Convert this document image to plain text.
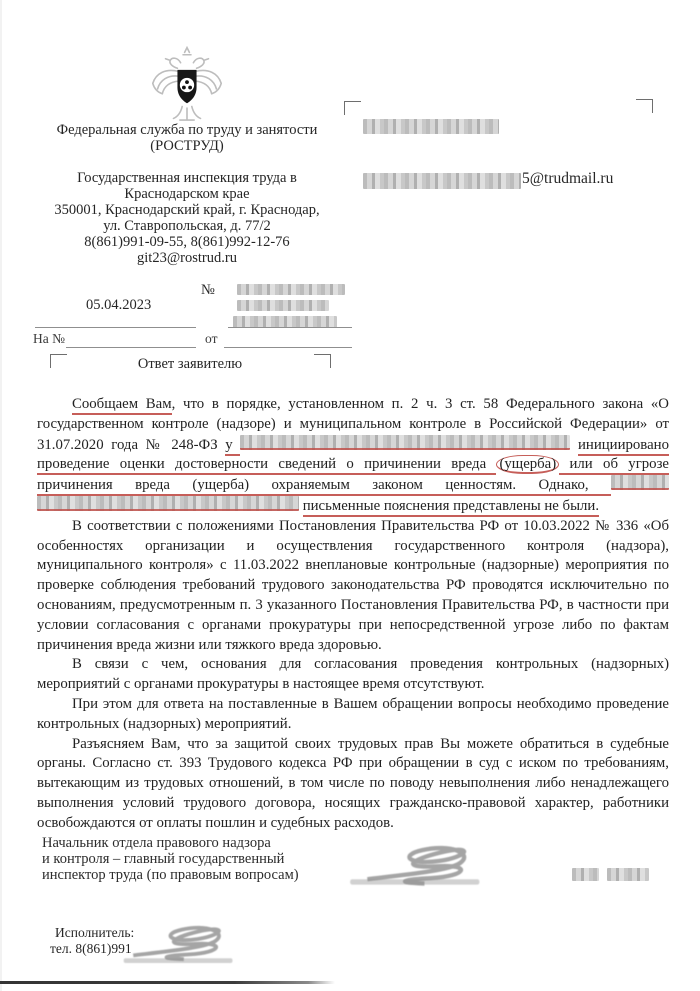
Федеральная служба по труду и занятости
(РОСТРУД)
Государственная инспекция труда в
Краснодарском крае
350001, Краснодарский край, г. Краснодар,
ул. Ставропольская, д. 77/2
8(861)991-09-55, 8(861)992-12-76
git23@rostrud.ru
5@trudmail.ru
№
05.04.2023
На №	от
Ответ заявителю
Сообщаем Вам, что в порядке, установленном п. 2 ч. 3 ст. 58 Федерального закона «О государственном контроле (надзоре) и муниципальном контроле в Российской Федерации» от 31.07.2020 года № 248-ФЗ у	инициировано проведение оценки достоверности сведений о причинении вреда (ущерба) или об угрозе причинения вреда (ущерба) охраняемым законом ценностям. Однако,   письменные пояснения представлены не были.
В соответствии с положениями Постановления Правительства РФ от 10.03.2022 № 336 «Об особенностях организации и осуществления государственного контроля (надзора), муниципального контроля» с 11.03.2022 внеплановые контрольные (надзорные) мероприятия по проверке соблюдения требований трудового законодательства РФ проводятся исключительно по основаниям, предусмотренным п. 3 указанного Постановления Правительства РФ, в частности при условии согласования с органами прокуратуры при непосредственной угрозе либо по фактам причинения вреда жизни или тяжкого вреда здоровью.
В связи с чем, основания для согласования проведения контрольных (надзорных) мероприятий с органами прокуратуры в настоящее время отсутствуют.
При этом для ответа на поставленные в Вашем обращении вопросы необходимо проведение контрольных (надзорных) мероприятий.
Разъясняем Вам, что за защитой своих трудовых прав Вы можете обратиться в судебные органы. Согласно ст. 393 Трудового кодекса РФ при обращении в суд с иском по требованиям, вытекающим из трудовых отношений, в том числе по поводу невыполнения либо ненадлежащего выполнения условий трудового договора, носящих гражданско-правовой характер, работники освобождаются от оплаты пошлин и судебных расходов.
Начальник отдела правового надзора
и контроля – главный государственный
инспектор труда (по правовым вопросам)
Исполнитель:
тел. 8(861)991
